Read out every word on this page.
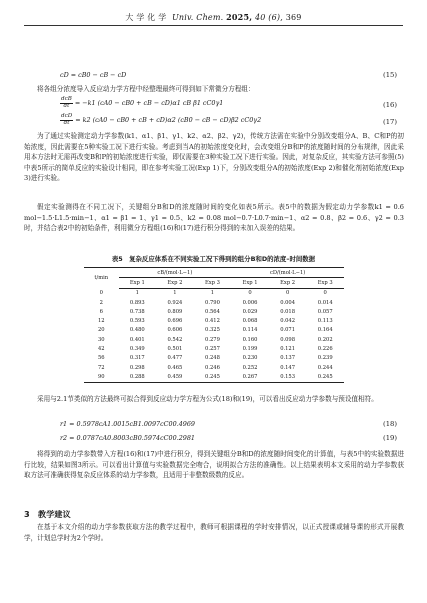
大 学 化 学 Univ. Chem. 2025, 40 (6), 369
cD = cB0 − cB − cD	(15)
将各组分浓度导入反应动力学方程中经整理最终可得到如下常微分方程组：
$\frac{\text{dcB}}{dt} = -k1$ (cA0 − cB0 + cB − cD)α1 cB β1 cC0γ1	(16)
$\frac{\text{dcD}}{dt} = k2$ (cA0 − cB0 + cB + cD)α2 (cB0 − cB − cD)β2 cC0γ2	(17)
为了通过实验测定动力学参数(k1、α1、β1、γ1、k2、α2、β2、γ2)，传统方法需在实验中分别改变组分A、B、C和P的初始浓度，因此需要在5种实验工况下进行实验。考虑到当A的初始浓度变化时，会改变组分B和P的浓度随时间的分布规律，因此采用本方法时无需再改变B和P的初始浓度进行实验，即仅需要在3种实验工况下进行实验。因此，对复杂反应，其实验方法可参照(5)中表5所示的简单反应的实验设计相同，即在参考实验工况(Exp 1)下，分别改变组分A的初始浓度(Exp 2)和催化剂初始浓度(Exp 3)进行实验。
假定实验测得在不同工况下，关键组分B和D的浓度随时间的变化如表5所示。表5中的数据为假定动力学参数k1 = 0.6 mol−1.5·L1.5·min−1、α1 = β1 = 1、γ1 = 0.5、k2 = 0.08 mol−0.7·L0.7·min−1、α2 = 0.8、β2 = 0.6、γ2 = 0.3时，并结合表2中的初始条件，利用微分方程组(16)和(17)进行积分得到的未加入误差的结果。
表5　复杂反应体系在不同实验工况下得到的组分B和D的浓度–时间数据
t/min	cB/(mol·L−1)			cD/(mol·L−1)		
	Exp 1	Exp 2	Exp 3	Exp 1	Exp 2	Exp 3
0	1	1	1	0	0	0
2	0.893	0.924	0.790	0.006	0.004	0.014
6	0.738	0.809	0.564	0.029	0.018	0.057
12	0.593	0.696	0.412	0.068	0.042	0.113
20	0.480	0.606	0.325	0.114	0.071	0.164
30	0.401	0.542	0.279	0.160	0.098	0.202
42	0.349	0.501	0.257	0.199	0.121	0.226
56	0.317	0.477	0.248	0.230	0.137	0.239
72	0.298	0.465	0.246	0.252	0.147	0.244
90	0.288	0.459	0.245	0.267	0.153	0.245
采用与2.1节类似的方法最终可拟合得到反应动力学方程为公式(18)和(19)，可以看出反应动力学参数与预设值相符。
r1 = 0.5978cA1.0015cB1.0097cC00.4969	(18)
r2 = 0.0787cA0.8003cB0.5974cC00.2981	(19)
将得到的动力学参数带入方程(16)和(17)中进行积分，得到关键组分B和D的浓度随时间变化的计算值，与表5中的实验数据进行比较，结果如图3所示。可以看出计算值与实验数据完全吻合，说明拟合方法的准确性。以上结果表明本文采用的动力学参数获取方法可准确获得复杂反应体系的动力学参数，且适用于非整数级数的反应。
3　教学建议
在基于本文介绍的动力学参数获取方法的教学过程中，教师可根据课程的学时安排情况，以正式授课或辅导课的形式开展教学，计划总学时为2个学时。
